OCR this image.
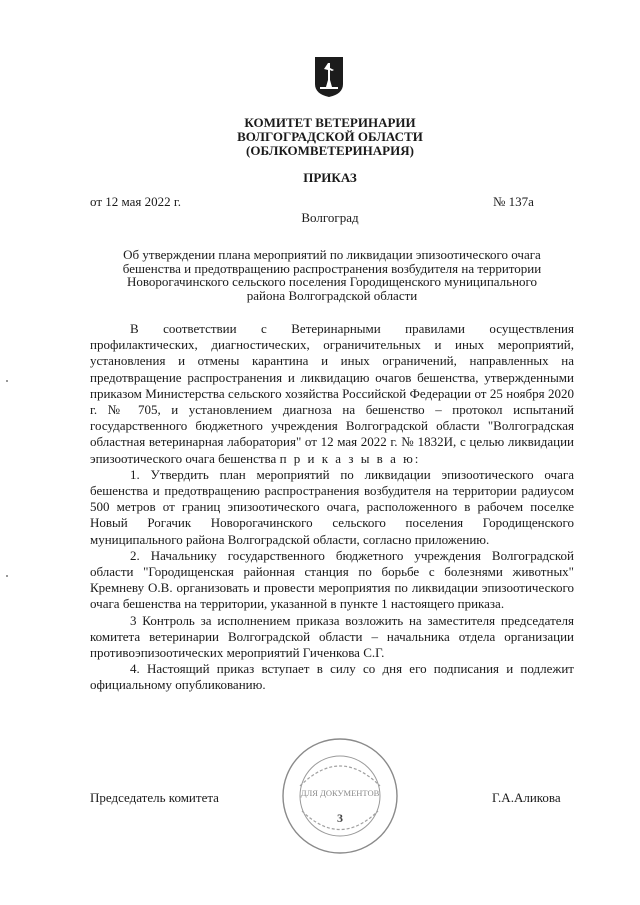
КОМИТЕТ ВЕТЕРИНАРИИ
ВОЛГОГРАДСКОЙ ОБЛАСТИ
(ОБЛКОМВЕТЕРИНАРИЯ)
ПРИКАЗ
от 12 мая 2022 г.	№ 137а
Волгоград
Об утверждении плана мероприятий по ликвидации эпизоотического очага
бешенства и предотвращению распространения возбудителя на территории
Новорогачинского сельского поселения Городищенского муниципального
района Волгоградской области

В соответствии с Ветеринарными правилами осуществления профилактических, диагностических, ограничительных и иных мероприятий, установления и отмены карантина и иных ограничений, направленных на предотвращение распространения и ликвидацию очагов бешенства, утвержденными приказом Министерства сельского хозяйства Российской Федерации от 25 ноября 2020 г. № 705, и установлением диагноза на бешенство – протокол испытаний государственного бюджетного учреждения Волгоградской области "Волгоградская областная ветеринарная лаборатория" от 12 мая 2022 г. № 1832И, с целью ликвидации эпизоотического очага бешенства п р и к а з ы в а ю:

1. Утвердить план мероприятий по ликвидации эпизоотического очага бешенства и предотвращению распространения возбудителя на территории радиусом 500 метров от границ эпизоотического очага, расположенного в рабочем поселке Новый Рогачик Новорогачинского сельского поселения Городищенского муниципального района Волгоградской области, согласно приложению.

2. Начальнику государственного бюджетного учреждения Волгоградской области "Городищенская районная станция по борьбе с болезнями животных" Кремневу О.В. организовать и провести мероприятия по ликвидации эпизоотического очага бешенства на территории, указанной в пункте 1 настоящего приказа.

3 Контроль за исполнением приказа возложить на заместителя председателя комитета ветеринарии Волгоградской области – начальника отдела организации противоэпизоотических мероприятий Гиченкова С.Г.

4. Настоящий приказ вступает в силу со дня его подписания и подлежит официальному опубликованию.

Председатель комитета	Г.А.Аликова
ДЛЯ ДОКУМЕНТОВ
3
